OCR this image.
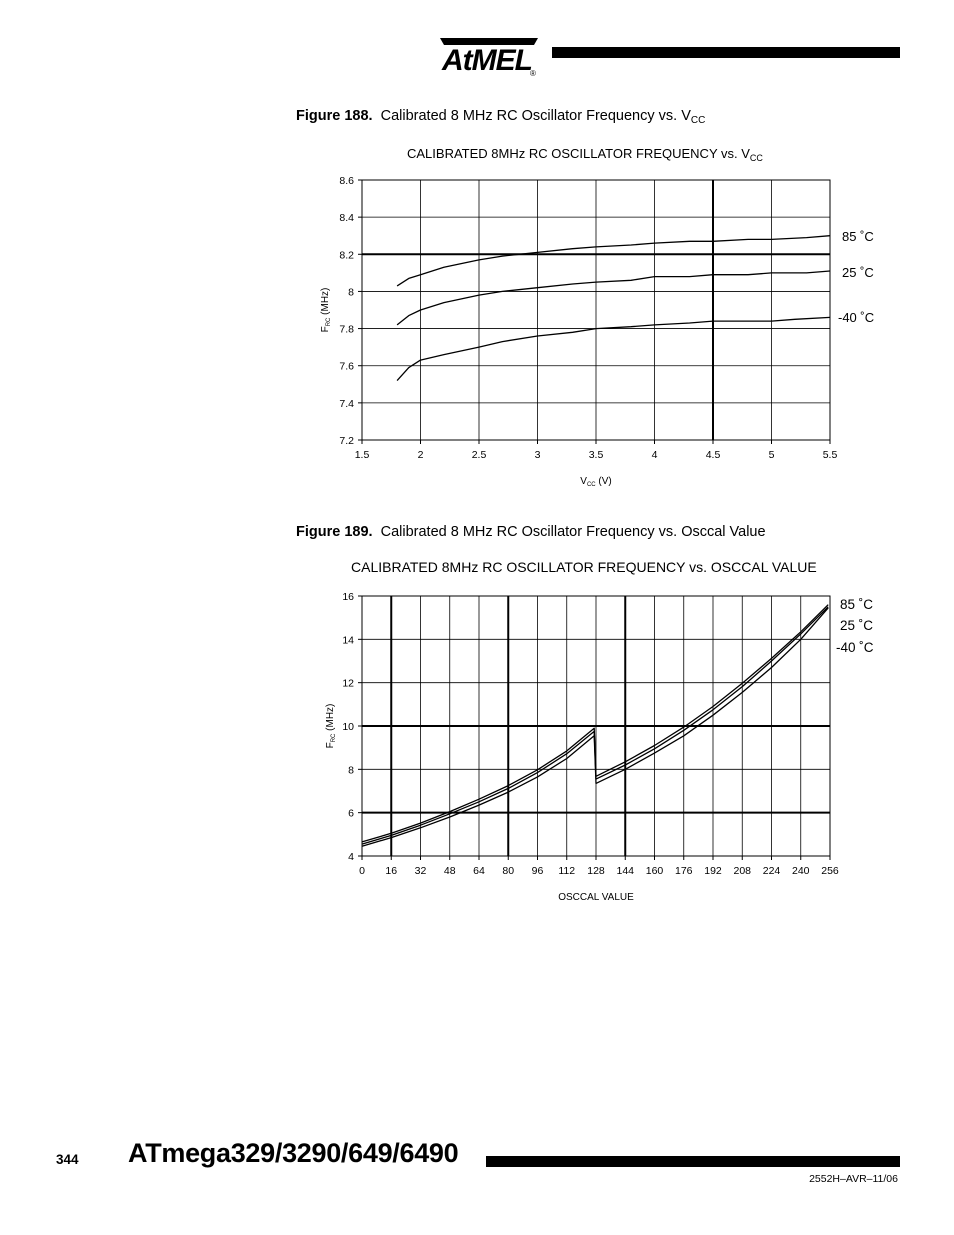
AtMEL
®
Figure 188. Calibrated 8 MHz RC Oscillator Frequency vs. $V_{CC}$
CALIBRATED 8MHz RC OSCILLATOR FREQUENCY vs. $V_{CC}$
Figure 189. Calibrated 8 MHz RC Oscillator Frequency vs. Osccal Value
CALIBRATED 8MHz RC OSCILLATOR FREQUENCY vs. OSCCAL VALUE
1.5	2	2.5	3	3.5	4	4.5	5	5.5
7.2
7.4
7.6
7.8
8
8.2
8.4
8.6
85 ˚C
25 ˚C
-40 ˚C
$V_{CC}$ (V)
$F_{RC}$ (MHz)
0 16 32 48 64 80 96 112 128 144 160 176 192 208 224 240 256
4
6
8
10
12
14
16	85 ˚C
25 ˚C
-40 ˚C
OSCCAL VALUE
$F_{RC}$ (MHz)
344 ATmega329/3290/649/6490
2552H–AVR–11/06
